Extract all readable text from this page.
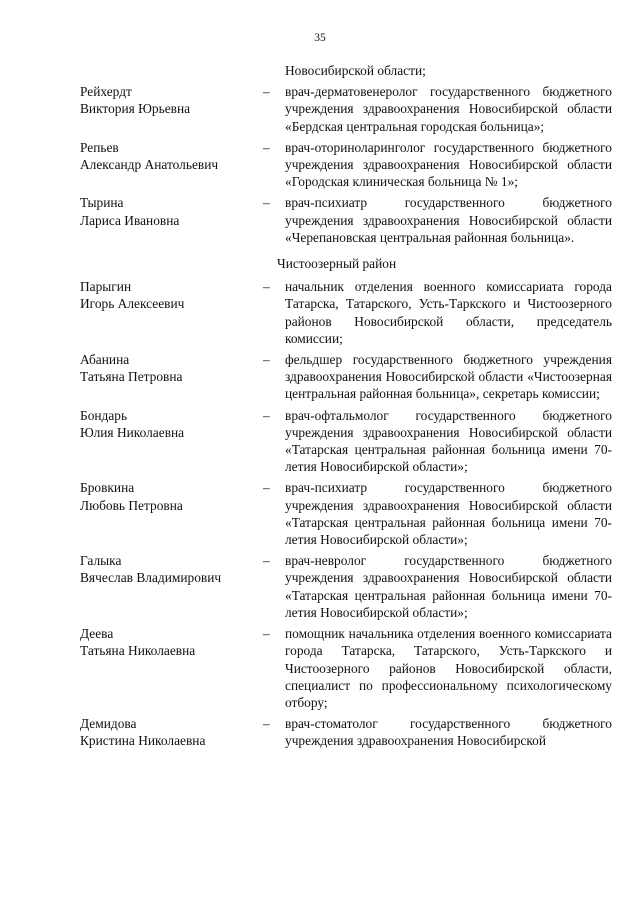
35
Новосибирской области;
Рейхердт
Виктория Юрьевна
–	врач-дерматовенеролог государственного бюджетного учреждения здравоохранения Новосибирской области «Бердская центральная городская больница»;
Репьев
Александр Анатольевич
–	врач-оториноларинголог государственного бюджетного учреждения здравоохранения Новосибирской области «Городская клиническая больница № 1»;
Тырина
Лариса Ивановна
–	врач-психиатр государственного бюджетного учреждения здравоохранения Новосибирской области «Черепановская центральная районная больница».
Чистоозерный район
Парыгин
Игорь Алексеевич
–	начальник отделения военного комиссариата города Татарска, Татарского, Усть-Таркского и Чистоозерного районов Новосибирской области, председатель комиссии;
Абанина
Татьяна Петровна
–	фельдшер государственного бюджетного учреждения здравоохранения Новосибирской области «Чистоозерная центральная районная больница», секретарь комиссии;
Бондарь
Юлия Николаевна
–	врач-офтальмолог государственного бюджетного учреждения здравоохранения Новосибирской области «Татарская центральная районная больница имени 70-летия Новосибирской области»;
Бровкина
Любовь Петровна
–	врач-психиатр государственного бюджетного учреждения здравоохранения Новосибирской области «Татарская центральная районная больница имени 70-летия Новосибирской области»;
Галыка
Вячеслав Владимирович
–	врач-невролог государственного бюджетного учреждения здравоохранения Новосибирской области «Татарская центральная районная больница имени 70-летия Новосибирской области»;
Деева
Татьяна Николаевна
–	помощник начальника отделения военного комиссариата города Татарска, Татарского, Усть-Таркского и Чистоозерного районов Новосибирской области, специалист по профессиональному психологическому отбору;
Демидова
Кристина Николаевна
–	врач-стоматолог государственного бюджетного учреждения здравоохранения Новосибирской
